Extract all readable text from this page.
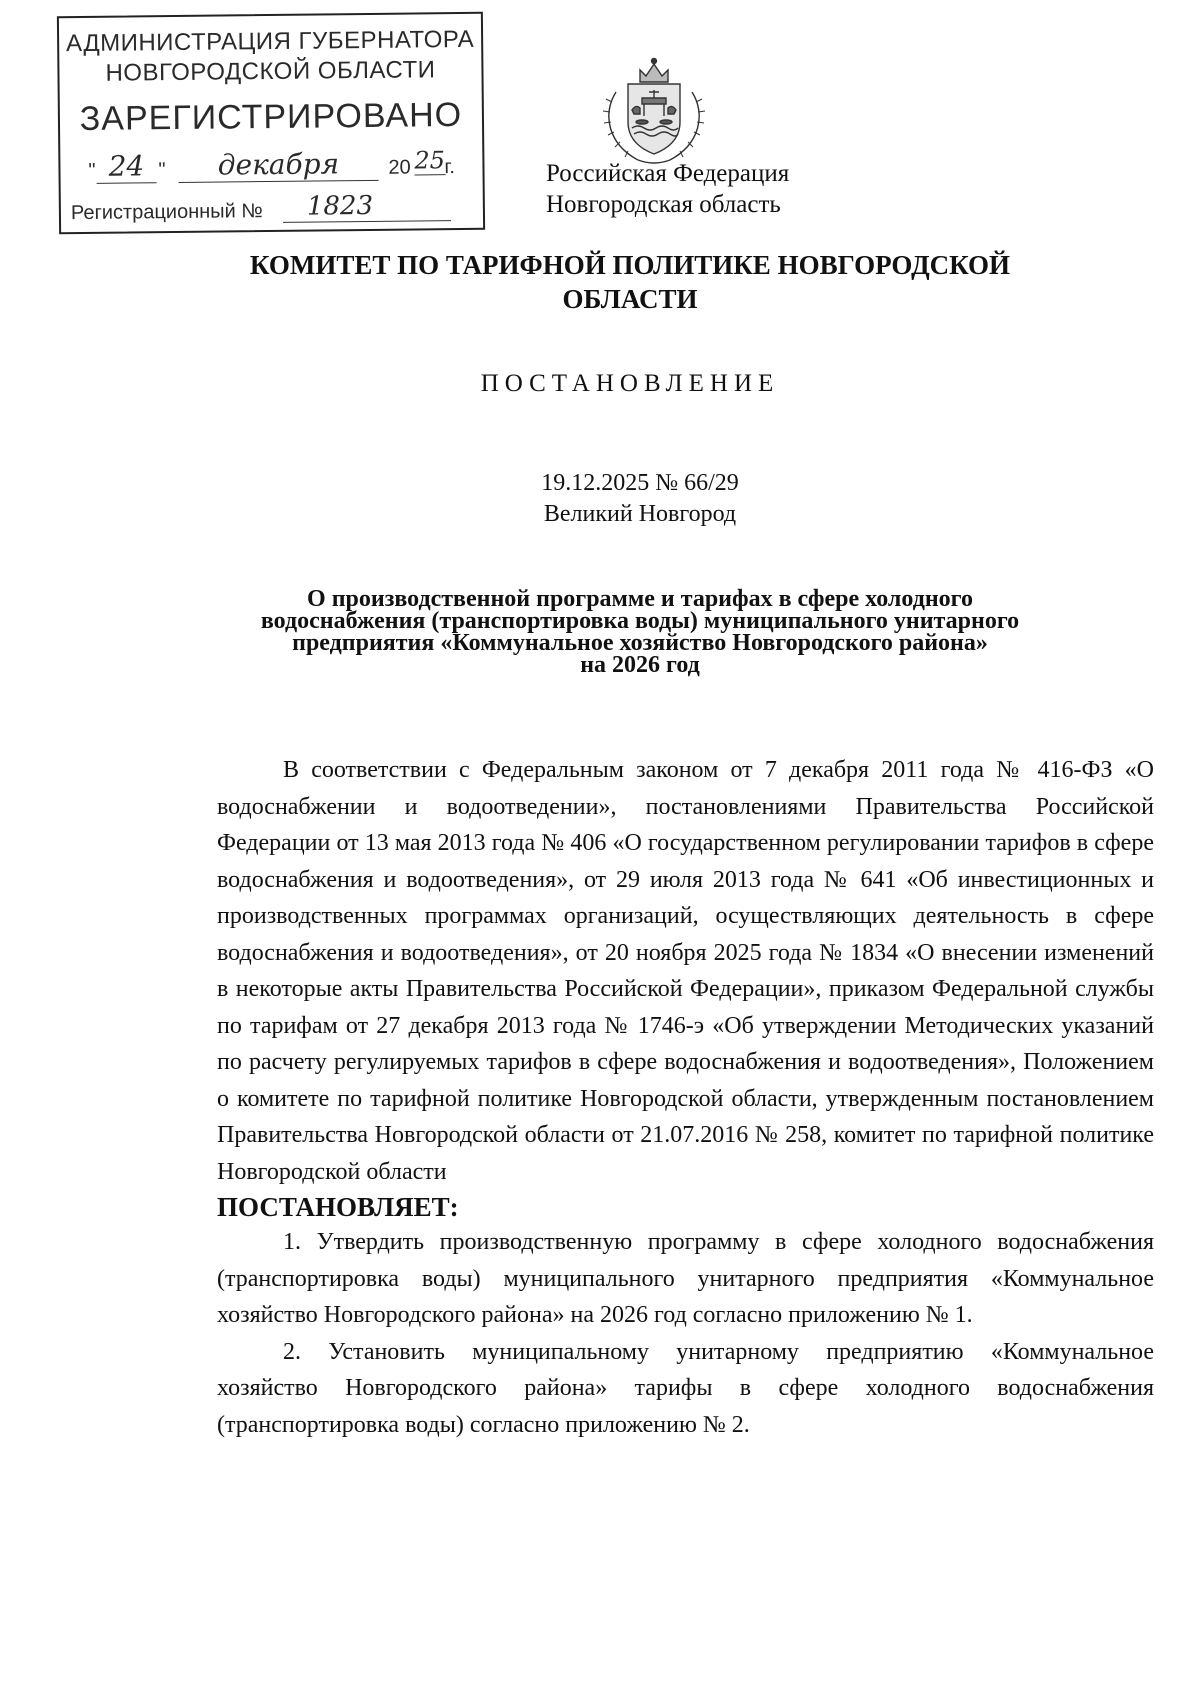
АДМИНИСТРАЦИЯ ГУБЕРНАТОРА
НОВГОРОДСКОЙ ОБЛАСТИ
ЗАРЕГИСТРИРОВАНО
" 24 "	декабря	20 25 г.
Регистрационный №	1823
Российская Федерация
Новгородская область
КОМИТЕТ ПО ТАРИФНОЙ ПОЛИТИКЕ НОВГОРОДСКОЙ
ОБЛАСТИ
ПОСТАНОВЛЕНИЕ
19.12.2025 № 66/29
Великий Новгород
О производственной программе и тарифах в сфере холодного
водоснабжения (транспортировка воды) муниципального унитарного
предприятия «Коммунальное хозяйство Новгородского района»
на 2026 год

В соответствии с Федеральным законом от 7 декабря 2011 года № 416-ФЗ «О водоснабжении и водоотведении», постановлениями Правительства Российской Федерации от 13 мая 2013 года № 406 «О государственном регулировании тарифов в сфере водоснабжения и водоотведения», от 29 июля 2013 года № 641 «Об инвестиционных и производственных программах организаций, осуществляющих деятельность в сфере водоснабжения и водоотведения», от 20 ноября 2025 года № 1834 «О внесении изменений в некоторые акты Правительства Российской Федерации», приказом Федеральной службы по тарифам от 27 декабря 2013 года № 1746-э «Об утверждении Методических указаний по расчету регулируемых тарифов в сфере водоснабжения и водоотведения», Положением о комитете по тарифной политике Новгородской области, утвержденным постановлением Правительства Новгородской области от 21.07.2016 № 258, комитет по тарифной политике Новгородской области

ПОСТАНОВЛЯЕТ:

1. Утвердить производственную программу в сфере холодного водоснабжения (транспортировка воды) муниципального унитарного предприятия «Коммунальное хозяйство Новгородского района» на 2026 год согласно приложению № 1.

2. Установить муниципальному унитарному предприятию «Коммунальное хозяйство Новгородского района» тарифы в сфере холодного водоснабжения (транспортировка воды) согласно приложению № 2.
